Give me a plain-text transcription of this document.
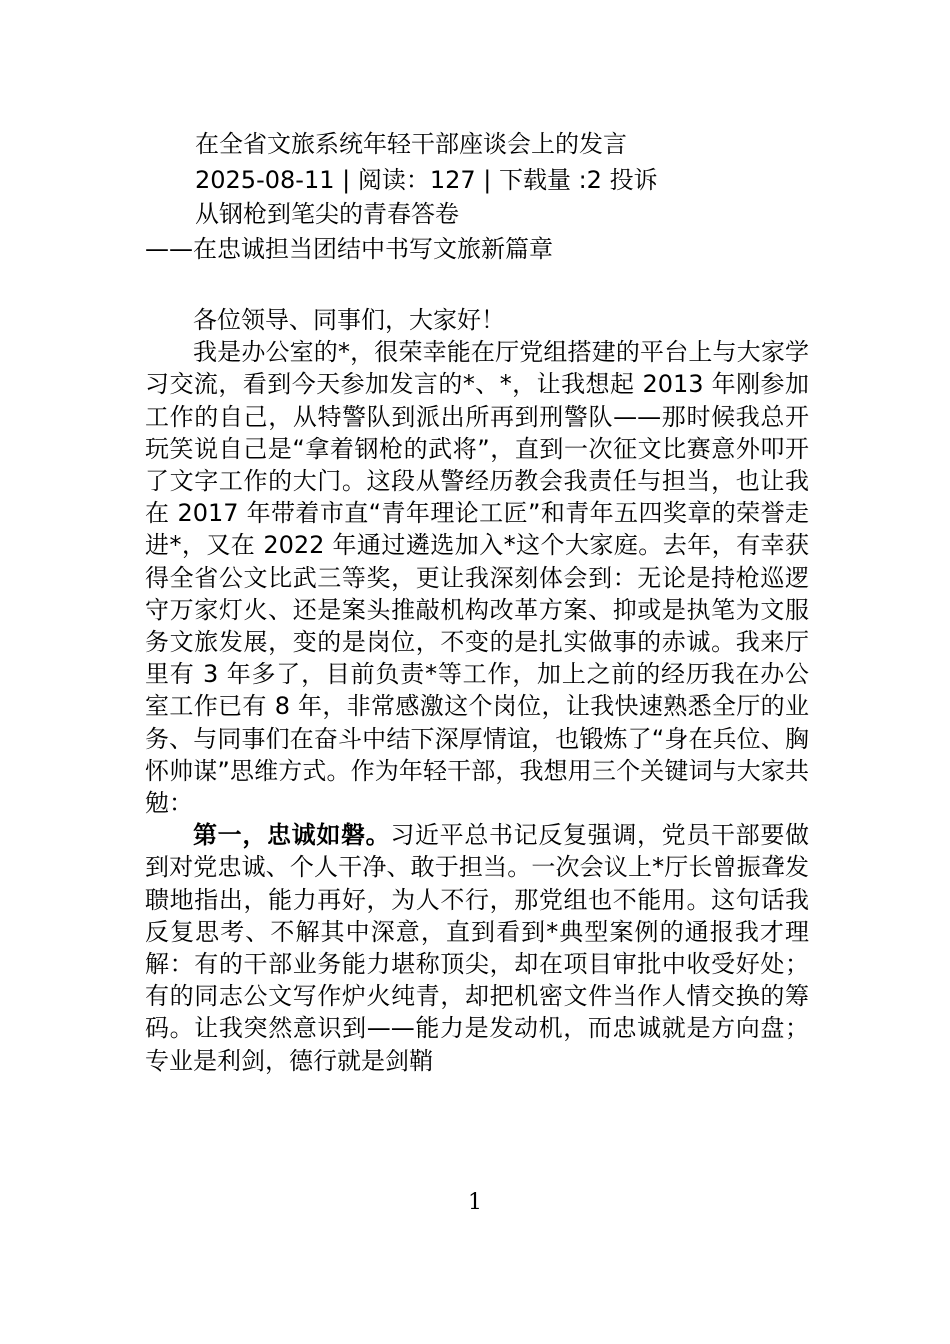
在全省文旅系统年轻干部座谈会上的发言
2025-08-11 | 阅读：127 | 下载量 :2 投诉
从钢枪到笔尖的青春答卷
——在忠诚担当团结中书写文旅新篇章

各位领导、同事们，大家好！

我是办公室的*，很荣幸能在厅党组搭建的平台上与大家学习交流，看到今天参加发言的*、*，让我想起 2013 年刚参加工作的自己，从特警队到派出所再到刑警队——那时候我总开玩笑说自己是“拿着钢枪的武将”，直到一次征文比赛意外叩开了文字工作的大门。这段从警经历教会我责任与担当，也让我在 2017 年带着市直“青年理论工匠”和青年五四奖章的荣誉走进*，又在 2022 年通过遴选加入*这个大家庭。去年，有幸获得全省公文比武三等奖，更让我深刻体会到：无论是持枪巡逻守万家灯火、还是案头推敲机构改革方案、抑或是执笔为文服务文旅发展，变的是岗位，不变的是扎实做事的赤诚。我来厅里有 3 年多了，目前负责*等工作，加上之前的经历我在办公室工作已有 8 年，非常感激这个岗位，让我快速熟悉全厅的业务、与同事们在奋斗中结下深厚情谊，也锻炼了“身在兵位、胸怀帅谋”思维方式。作为年轻干部，我想用三个关键词与大家共勉：

第一，忠诚如磐。习近平总书记反复强调，党员干部要做到对党忠诚、个人干净、敢于担当。一次会议上*厅长曾振聋发聩地指出，能力再好，为人不行，那党组也不能用。这句话我反复思考、不解其中深意，直到看到*典型案例的通报我才理解：有的干部业务能力堪称顶尖，却在项目审批中收受好处；有的同志公文写作炉火纯青，却把机密文件当作人情交换的筹码。让我突然意识到——能力是发动机，而忠诚就是方向盘；专业是利剑，德行就是剑鞘

1
